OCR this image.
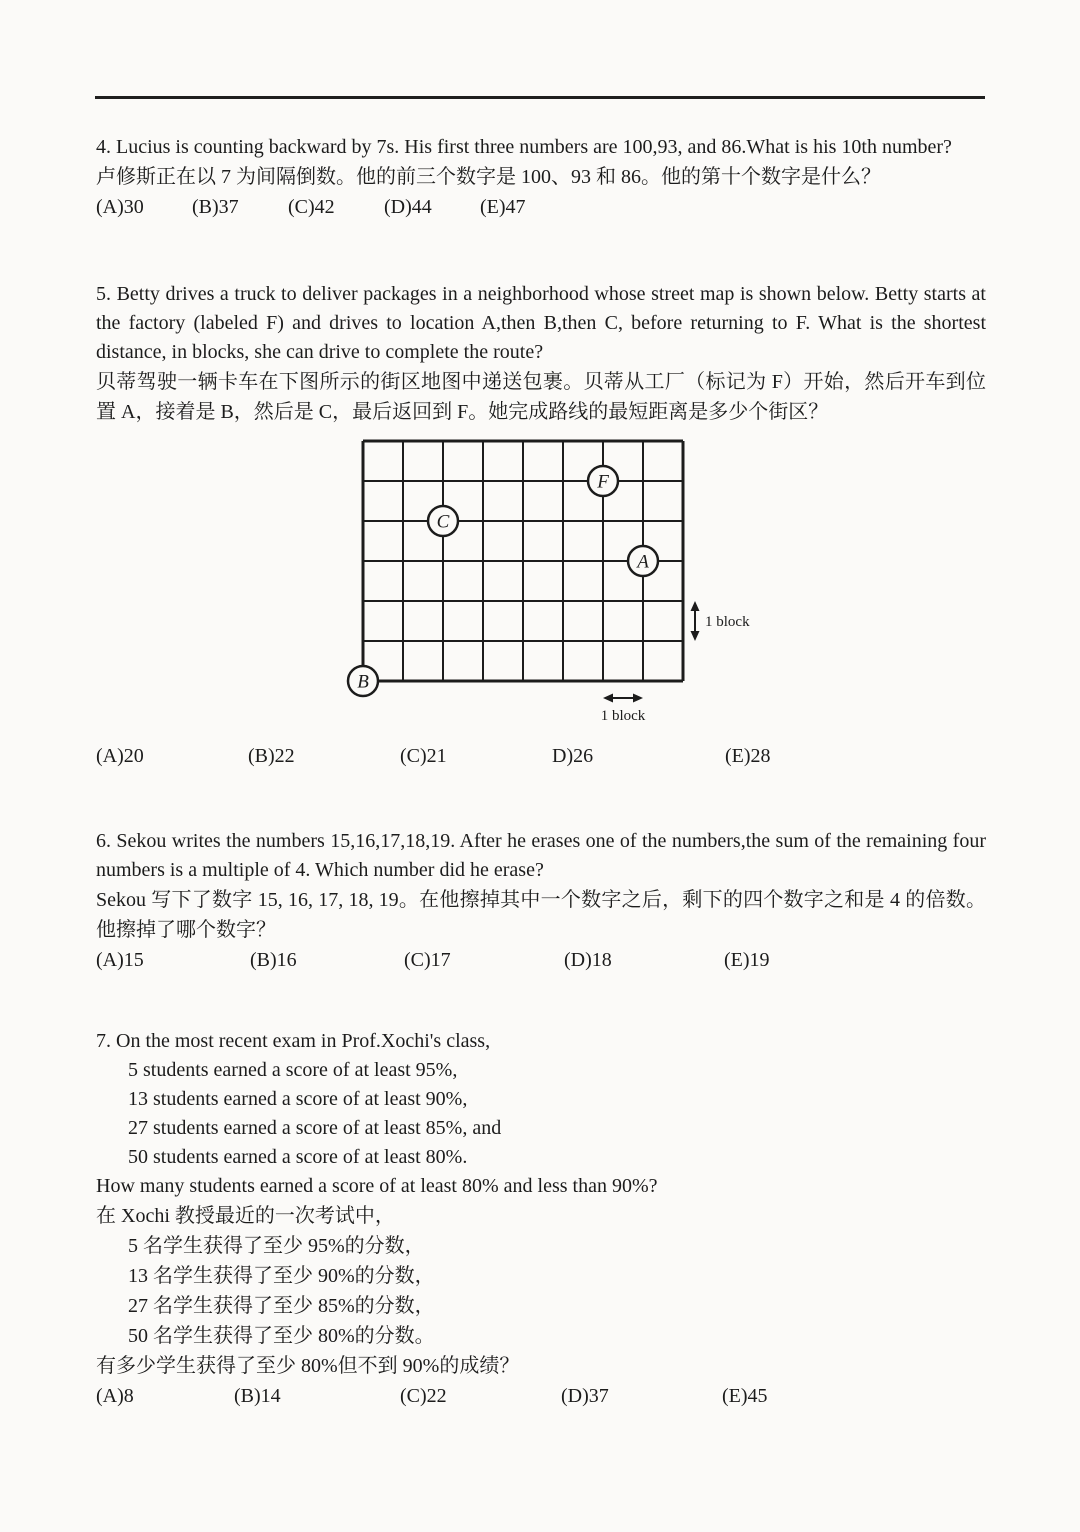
4. Lucius is counting backward by 7s. His first three numbers are 100,93, and 86.What is his 10th number?

卢修斯正在以 7 为间隔倒数。他的前三个数字是 100、93 和 86。他的第十个数字是什么？

(A)30	(B)37	(C)42	(D)44	(E)47

5. Betty drives a truck to deliver packages in a neighborhood whose street map is shown below. Betty starts at the factory (labeled F) and drives to location A,then B,then C, before returning to F. What is the shortest distance, in blocks, she can drive to complete the route?

贝蒂驾驶一辆卡车在下图所示的街区地图中递送包裹。贝蒂从工厂（标记为 F）开始，然后开车到位置 A，接着是 B，然后是 C，最后返回到 F。她完成路线的最短距离是多少个街区？

F
C
A
B
1 block
1 block
(A)20	(B)22	(C)21	D)26	(E)28

6. Sekou writes the numbers 15,16,17,18,19. After he erases one of the numbers,the sum of the remaining four numbers is a multiple of 4. Which number did he erase?

Sekou 写下了数字 15, 16, 17, 18, 19。在他擦掉其中一个数字之后，剩下的四个数字之和是 4 的倍数。他擦掉了哪个数字？

(A)15	(B)16	(C)17	(D)18	(E)19

7. On the most recent exam in Prof.Xochi's class,

5 students earned a score of at least 95%,

13 students earned a score of at least 90%,

27 students earned a score of at least 85%, and

50 students earned a score of at least 80%.

How many students earned a score of at least 80% and less than 90%?

在 Xochi 教授最近的一次考试中，

5 名学生获得了至少 95%的分数，

13 名学生获得了至少 90%的分数，

27 名学生获得了至少 85%的分数，

50 名学生获得了至少 80%的分数。

有多少学生获得了至少 80%但不到 90%的成绩？

(A)8	(B)14	(C)22	(D)37	(E)45
